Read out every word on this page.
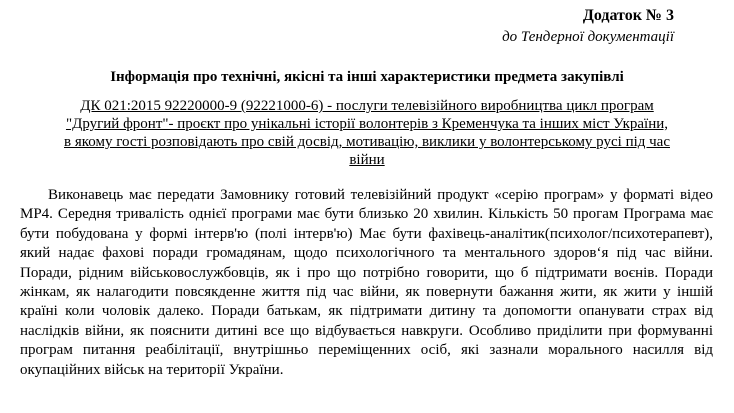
Додаток № 3
до Тендерної документації
Інформація про технічні, якісні та інші характеристики предмета закупівлі
ДК 021:2015 92220000-9 (92221000-6) - послуги телевізійного виробництва цикл програм
"Другий фронт"- проєкт про унікальні історії волонтерів з Кременчука та інших міст України,
в якому гості розповідають про свій досвід, мотивацію, виклики у волонтерському русі під час
війни

Виконавець має передати Замовнику готовий телевізійний продукт «серію програм» у форматі відео MP4. Середня тривалість однієї програми має бути близько 20 хвилин. Кількість 50 прогам Програма має бути побудована у формі інтерв'ю (полі інтерв'ю) Має бути фахівець-аналітик(психолог/психотерапевт), який надає фахові поради громадянам, щодо психологічного та ментального здоров‘я під час війни. Поради, рідним військовослужбовців, як і про що потрібно говорити, що б підтримати воєнів. Поради жінкам, як налагодити повсякденне життя під час війни, як повернути бажання жити, як жити у іншій країні коли чоловік далеко. Поради батькам, як підтримати дитину та допомогти опанувати страх від наслідків війни, як пояснити дитині все що відбувається навкруги. Особливо приділити при формуванні програм питання реабілітації, внутрішньо переміщенних осіб, які зазнали морального насилля від окупаційних військ на території України.
